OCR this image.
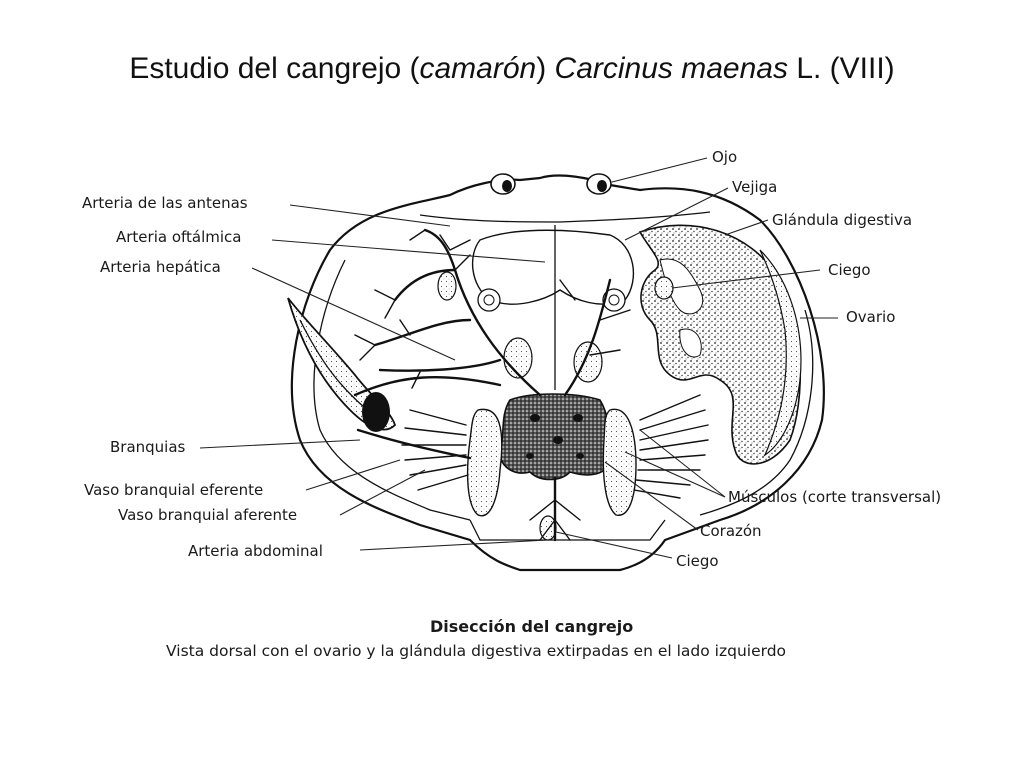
Estudio del cangrejo (camarón) Carcinus maenas L. (VIII)
Ojo
Vejiga
Glándula digestiva
Ciego
Ovario
Arteria de las antenas
Arteria oftálmica
Arteria hepática
Branquias
Vaso branquial eferente
Vaso branquial aferente
Arteria abdominal
Músculos (corte transversal)
Corazón
Ciego
Disección del cangrejo
Vista dorsal con el ovario y la glándula digestiva extirpadas en el lado izquierdo
